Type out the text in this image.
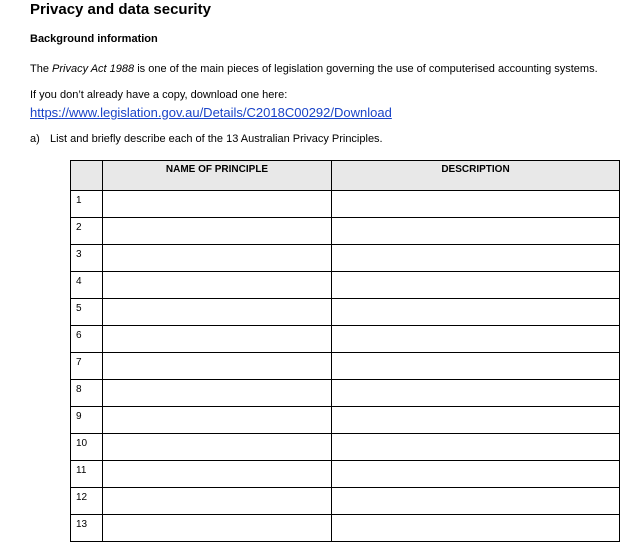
Privacy and data security
Background information
The Privacy Act 1988 is one of the main pieces of legislation governing the use of computerised accounting systems.
If you don’t already have a copy, download one here:
https://www.legislation.gov.au/Details/C2018C00292/Download
a) List and briefly describe each of the 13 Australian Privacy Principles.
	NAME OF PRINCIPLE	DESCRIPTION
1		
2		
3		
4		
5		
6		
7		
8		
9		
10		
11		
12		
13		
